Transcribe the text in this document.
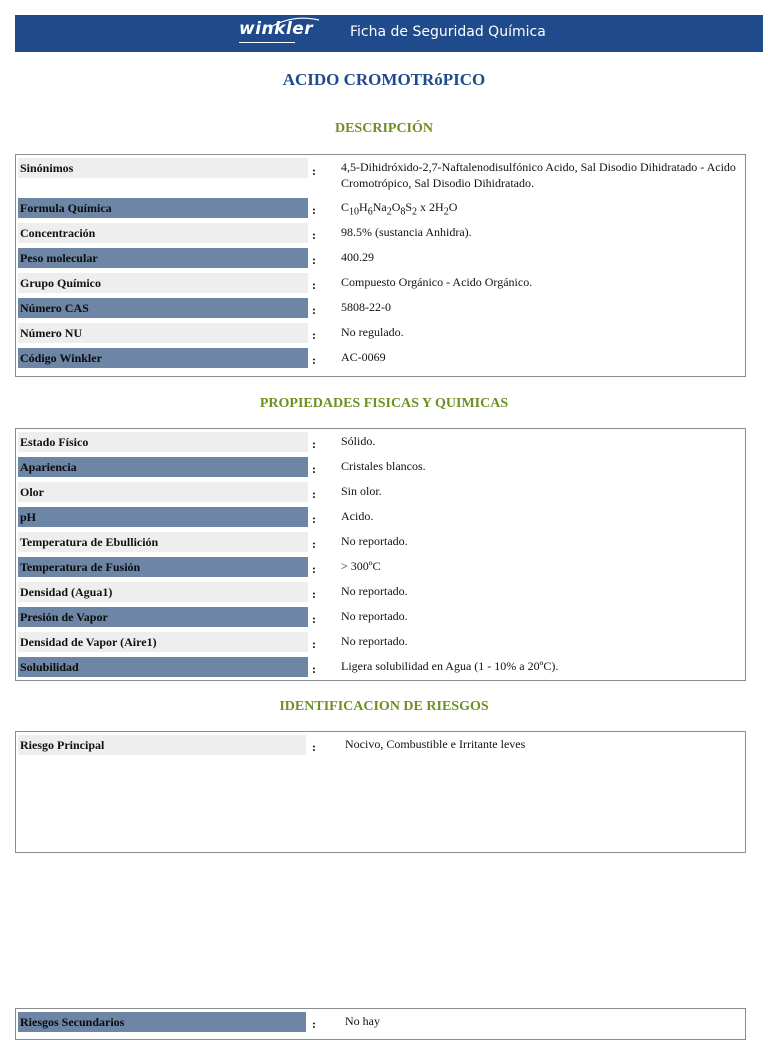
winkler	Ficha de Seguridad Química
ACIDO CROMOTRóPICO
DESCRIPCIÓN
Sinónimos	: 4,5-Dihidróxido-2,7-Naftalenodisulfónico Acido, Sal Disodio Dihidratado - Acido Cromotrópico, Sal Disodio Dihidratado.
Formula Química	: $C_{10}H_6Na_2O_8S_2$ x $2H_2O$
Concentración	: 98.5% (sustancia Anhidra).
Peso molecular	: 400.29
Grupo Químico	: Compuesto Orgánico - Acido Orgánico.
Número CAS	: 5808-22-0
Número NU	: No regulado.
Código Winkler	: AC-0069
PROPIEDADES FISICAS Y QUIMICAS
Estado Físico	: Sólido.
Apariencia	: Cristales blancos.
Olor	: Sin olor.
pH	: Acido.
Temperatura de Ebullición	: No reportado.
Temperatura de Fusión	: > 300ºC
Densidad (Agua1)	: No reportado.
Presión de Vapor	: No reportado.
Densidad de Vapor (Aire1)	: No reportado.
Solubilidad	: Ligera solubilidad en Agua (1 - 10% a 20ºC).
IDENTIFICACION DE RIESGOS
Riesgo Principal	: Nocivo, Combustible e Irritante leves
Riesgos Secundarios	: No hay
